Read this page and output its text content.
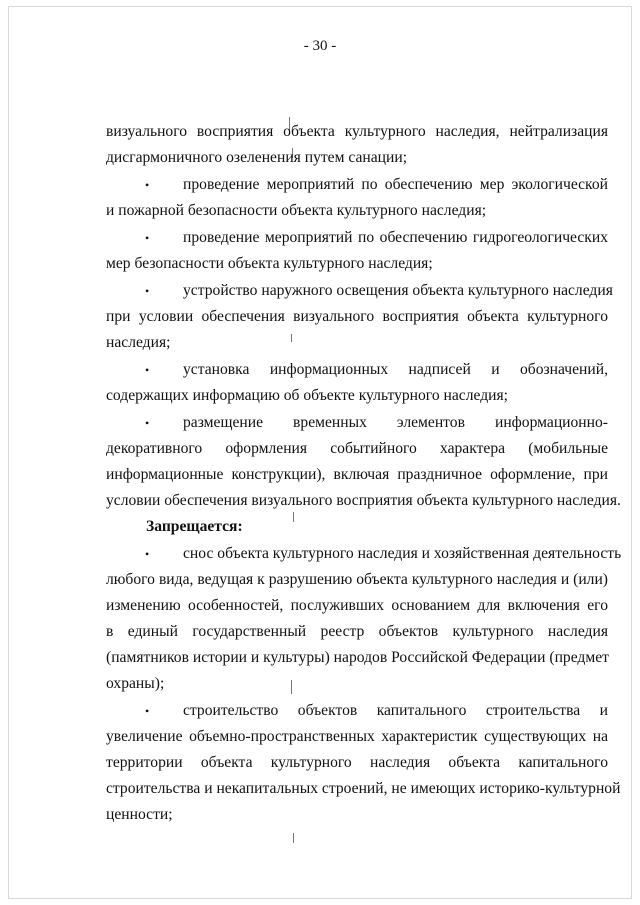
- 30 -
визуального восприятия объекта культурного наследия, нейтрализация
дисгармоничного озеленения путем санации;
• проведение мероприятий по обеспечению мер экологической
и пожарной безопасности объекта культурного наследия;
• проведение мероприятий по обеспечению гидрогеологических
мер безопасности объекта культурного наследия;
• устройство наружного освещения объекта культурного наследия
при условии обеспечения визуального восприятия объекта культурного
наследия;
• установка информационных надписей и обозначений,
содержащих информацию об объекте культурного наследия;
• размещение временных элементов информационно-
декоративного оформления событийного характера (мобильные
информационные конструкции), включая праздничное оформление, при
условии обеспечения визуального восприятия объекта культурного наследия.
Запрещается:
• снос объекта культурного наследия и хозяйственная деятельность
любого вида, ведущая к разрушению объекта культурного наследия и (или)
изменению особенностей, послуживших основанием для включения его
в единый государственный реестр объектов культурного наследия
(памятников истории и культуры) народов Российской Федерации (предмет
охраны);
• строительство объектов капитального строительства и
увеличение объемно-пространственных характеристик существующих на
территории объекта культурного наследия объекта капитального
строительства и некапитальных строений, не имеющих историко-культурной
ценности;
